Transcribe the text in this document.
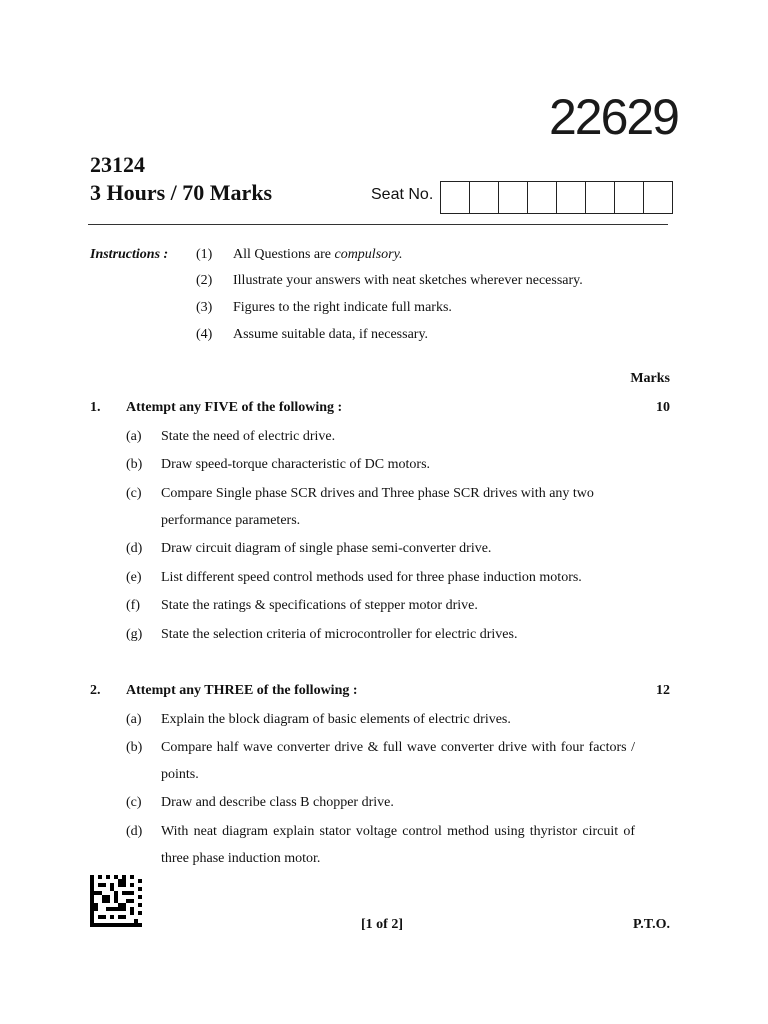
22629
23124
3 Hours / 70 Marks	Seat No.
Instructions : (1) All Questions are compulsory.
(2) Illustrate your answers with neat sketches wherever necessary.
(3) Figures to the right indicate full marks.
(4) Assume suitable data, if necessary.
Marks
1. Attempt any FIVE of the following :	10
(a) State the need of electric drive.
(b) Draw speed-torque characteristic of DC motors.
(c) Compare Single phase SCR drives and Three phase SCR drives with any two performance parameters.
(d) Draw circuit diagram of single phase semi-converter drive.
(e) List different speed control methods used for three phase induction motors.
(f) State the ratings & specifications of stepper motor drive.
(g) State the selection criteria of microcontroller for electric drives.
2. Attempt any THREE of the following :	12
(a) Explain the block diagram of basic elements of electric drives.
(b) Compare half wave converter drive & full wave converter drive with four factors / points.
(c) Draw and describe class B chopper drive.
(d) With neat diagram explain stator voltage control method using thyristor circuit of three phase induction motor.
[1 of 2]	P.T.O.
